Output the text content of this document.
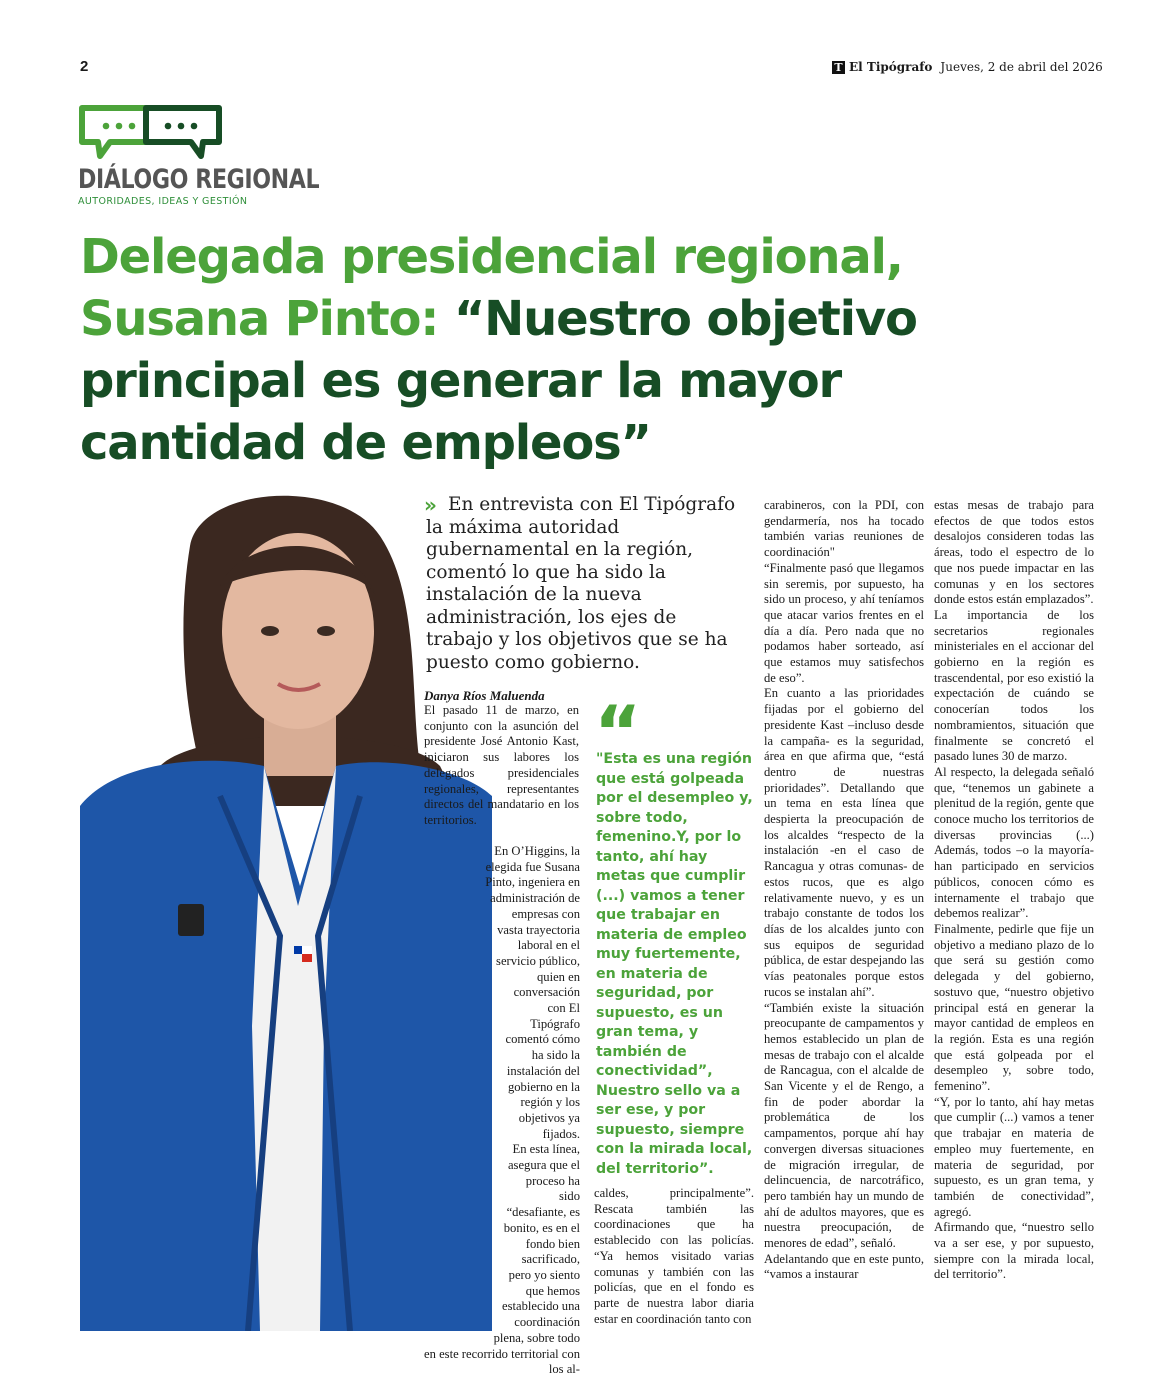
2	T El Tipógrafo Jueves, 2 de abril del 2026
DIÁLOGO REGIONAL
AUTORIDADES, IDEAS Y GESTIÓN
Delegada presidencial regional, Susana Pinto: “Nuestro objetivo principal es generar la mayor cantidad de empleos”
» En entrevista con El Tipógrafo la máxima autoridad gubernamental en la región, comentó lo que ha sido la instalación de la nueva administración, los ejes de trabajo y los objetivos que se ha puesto como gobierno.

Danya Ríos Maluenda

El pasado 11 de marzo, en conjunto con la asunción del presidente José Antonio Kast, iniciaron sus labores los delegados presidenciales regionales, representantes directos del mandatario en los territorios.

En O’Higgins, la elegida fue Susana Pinto, ingeniera en administración de empresas con vasta trayectoria laboral en el servicio público, quien en conversación con El Tipógrafo comentó cómo ha sido la instalación del gobierno en la región y los objetivos ya fijados.

En esta línea, asegura que el proceso ha sido “desafiante, es bonito, es en el fondo bien sacrificado, pero yo siento que hemos establecido una coordinación plena, sobre todo en este recorrido territorial con los al-

“

"Esta es una región que está golpeada por el desempleo y, sobre todo, femenino.Y, por lo tanto, ahí hay metas que cumplir (...) vamos a tener que trabajar en materia de empleo muy fuertemente, en materia de seguridad, por supuesto, es un gran tema, y también de conectividad”, Nuestro sello va a ser ese, y por supuesto, siempre con la mirada local, del territorio”.

caldes, principalmente”. Rescata también las coordinaciones que ha establecido con las policías. “Ya hemos visitado varias comunas y también con las policías, que en el fondo es parte de nuestra labor diaria estar en coordinación tanto con

carabineros, con la PDI, con gendarmería, nos ha tocado también varias reuniones de coordinación"

“Finalmente pasó que llegamos sin seremis, por supuesto, ha sido un proceso, y ahí teníamos que atacar varios frentes en el día a día. Pero nada que no podamos haber sorteado, así que estamos muy satisfechos de eso”.

En cuanto a las prioridades fijadas por el gobierno del presidente Kast –incluso desde la campaña- es la seguridad, área en que afirma que, “está dentro de nuestras prioridades”. Detallando que un tema en esta línea que despierta la preocupación de los alcaldes “respecto de la instalación -en el caso de Rancagua y otras comunas- de estos rucos, que es algo relativamente nuevo, y es un trabajo constante de todos los días de los alcaldes junto con sus equipos de seguridad pública, de estar despejando las vías peatonales porque estos rucos se instalan ahí”.

“También existe la situación preocupante de campamentos y hemos establecido un plan de mesas de trabajo con el alcalde de Rancagua, con el alcalde de San Vicente y el de Rengo, a fin de poder abordar la problemática de los campamentos, porque ahí hay convergen diversas situaciones de migración irregular, de delincuencia, de narcotráfico, pero también hay un mundo de ahí de adultos mayores, que es nuestra preocupación, de menores de edad”, señaló.

Adelantando que en este punto, “vamos a instaurar

estas mesas de trabajo para efectos de que todos estos desalojos consideren todas las áreas, todo el espectro de lo que nos puede impactar en las comunas y en los sectores donde estos están emplazados”.

La importancia de los secretarios regionales ministeriales en el accionar del gobierno en la región es trascendental, por eso existió la expectación de cuándo se conocerían todos los nombramientos, situación que finalmente se concretó el pasado lunes 30 de marzo.

Al respecto, la delegada señaló que, “tenemos un gabinete a plenitud de la región, gente que conoce mucho los territorios de diversas provincias (...) Además, todos –o la mayoría- han participado en servicios públicos, conocen cómo es internamente el trabajo que debemos realizar”.

Finalmente, pedirle que fije un objetivo a mediano plazo de lo que será su gestión como delegada y del gobierno, sostuvo que, “nuestro objetivo principal está en generar la mayor cantidad de empleos en la región. Esta es una región que está golpeada por el desempleo y, sobre todo, femenino”.

“Y, por lo tanto, ahí hay metas que cumplir (...) vamos a tener que trabajar en materia de empleo muy fuertemente, en materia de seguridad, por supuesto, es un gran tema, y también de conectividad”, agregó.

Afirmando que, “nuestro sello va a ser ese, y por supuesto, siempre con la mirada local, del territorio”.
